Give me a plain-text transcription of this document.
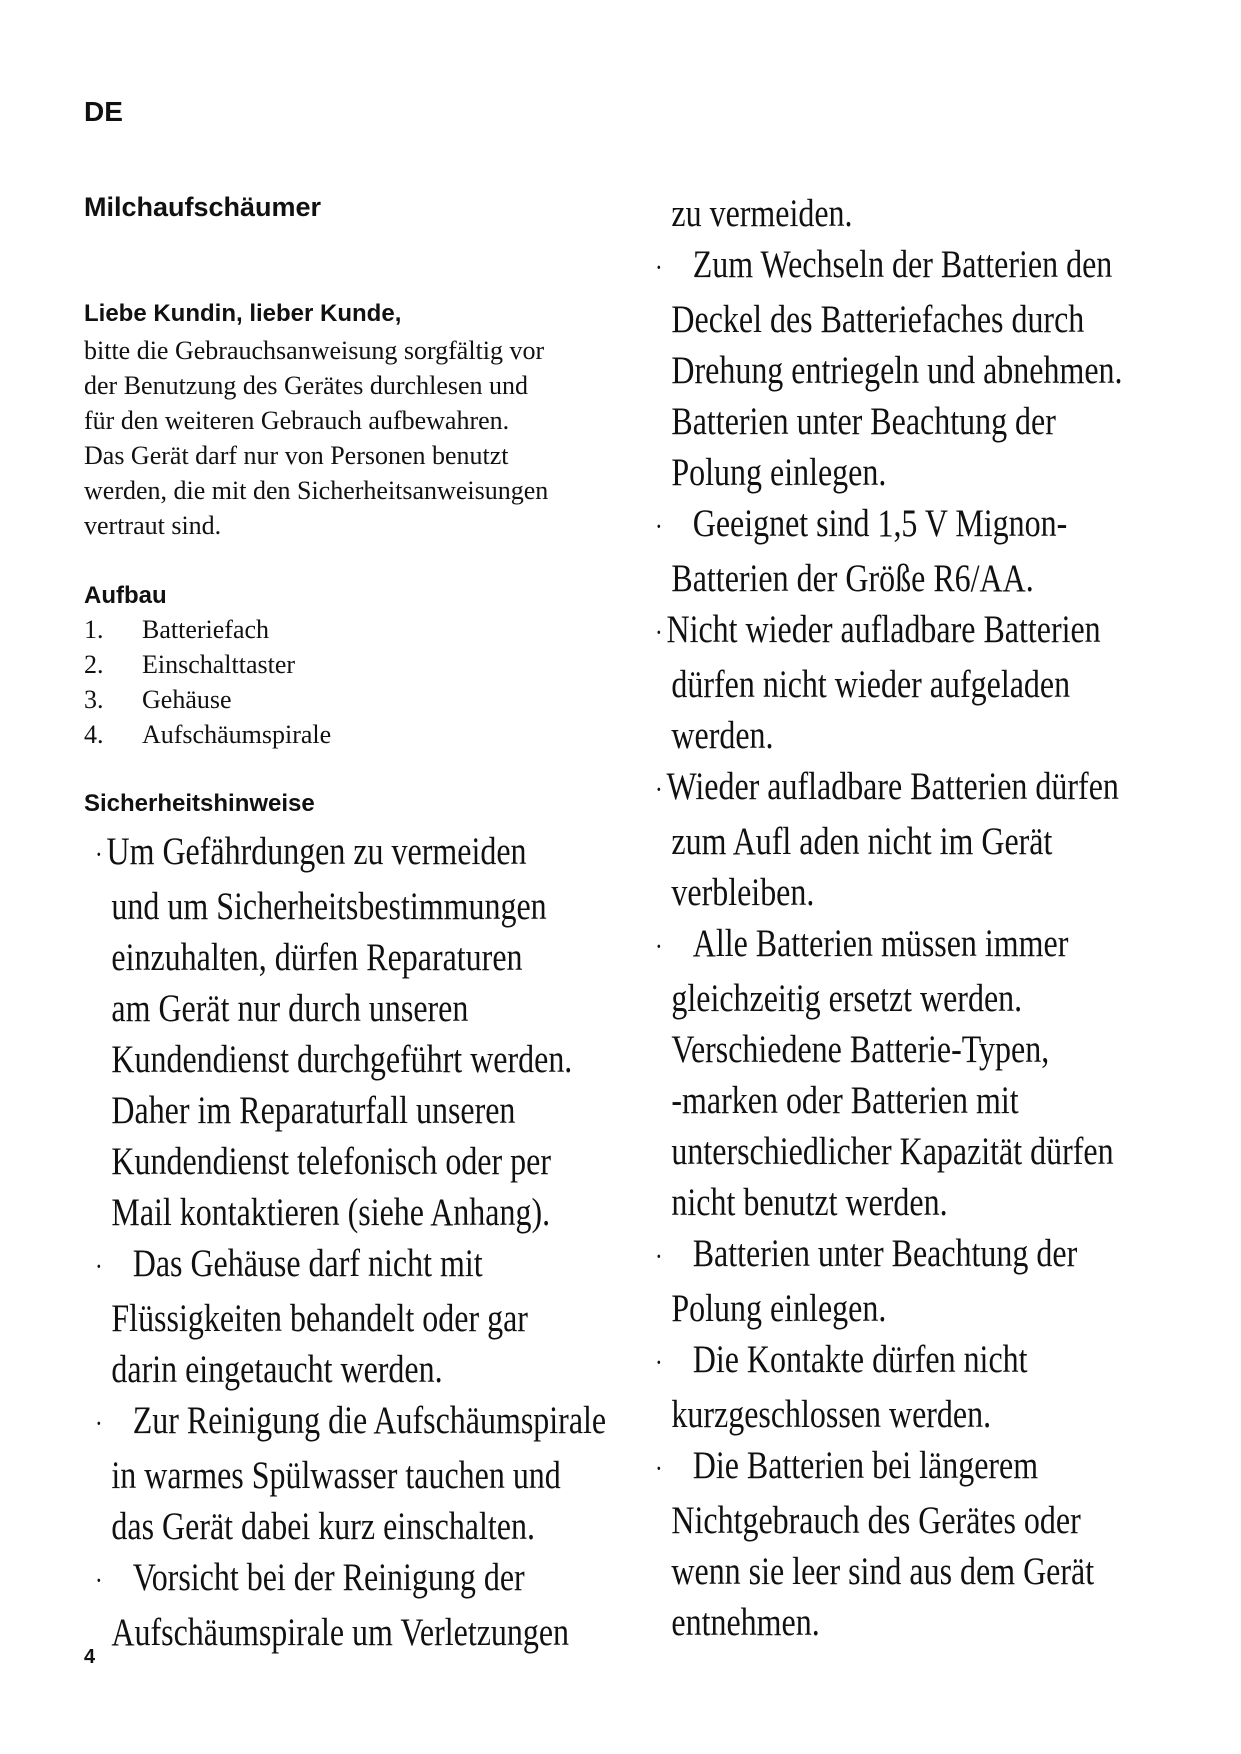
DE

Milchaufschäumer

Liebe Kundin, lieber Kunde,

bitte die Gebrauchsanweisung sorgfältig vor
der Benutzung des Gerätes durchlesen und
für den weiteren Gebrauch aufbewahren.
Das Gerät darf nur von Personen benutzt
werden, die mit den Sicherheitsanweisungen
vertraut sind.

Aufbau
1. Batteriefach
2. Einschalttaster
3. Gehäuse
4. Aufschäumspirale
Sicherheitshinweise
·Um Gefährdungen zu vermeiden
und um Sicherheitsbestimmungen
einzuhalten, dürfen Reparaturen
am Gerät nur durch unseren
Kundendienst durchgeführt werden.
Daher im Reparaturfall unseren
Kundendienst telefonisch oder per
Mail kontaktieren (siehe Anhang).
· Das Gehäuse darf nicht mit
Flüssigkeiten behandelt oder gar
darin eingetaucht werden.
· Zur Reinigung die Aufschäumspirale
in warmes Spülwasser tauchen und
das Gerät dabei kurz einschalten.
· Vorsicht bei der Reinigung der
Aufschäumspirale um Verletzungen
zu vermeiden.
· Zum Wechseln der Batterien den
Deckel des Batteriefaches durch
Drehung entriegeln und abnehmen.
Batterien unter Beachtung der
Polung einlegen.
· Geeignet sind 1,5 V Mignon-
Batterien der Größe R6/AA.
·Nicht wieder aufladbare Batterien
dürfen nicht wieder aufgeladen
werden.
·Wieder aufladbare Batterien dürfen
zum Aufl aden nicht im Gerät
verbleiben.
· Alle Batterien müssen immer
gleichzeitig ersetzt werden.
Verschiedene Batterie-Typen,
-marken oder Batterien mit
unterschiedlicher Kapazität dürfen
nicht benutzt werden.
· Batterien unter Beachtung der
Polung einlegen.
· Die Kontakte dürfen nicht
kurzgeschlossen werden.
· Die Batterien bei längerem
Nichtgebrauch des Gerätes oder
wenn sie leer sind aus dem Gerät
entnehmen.

4
